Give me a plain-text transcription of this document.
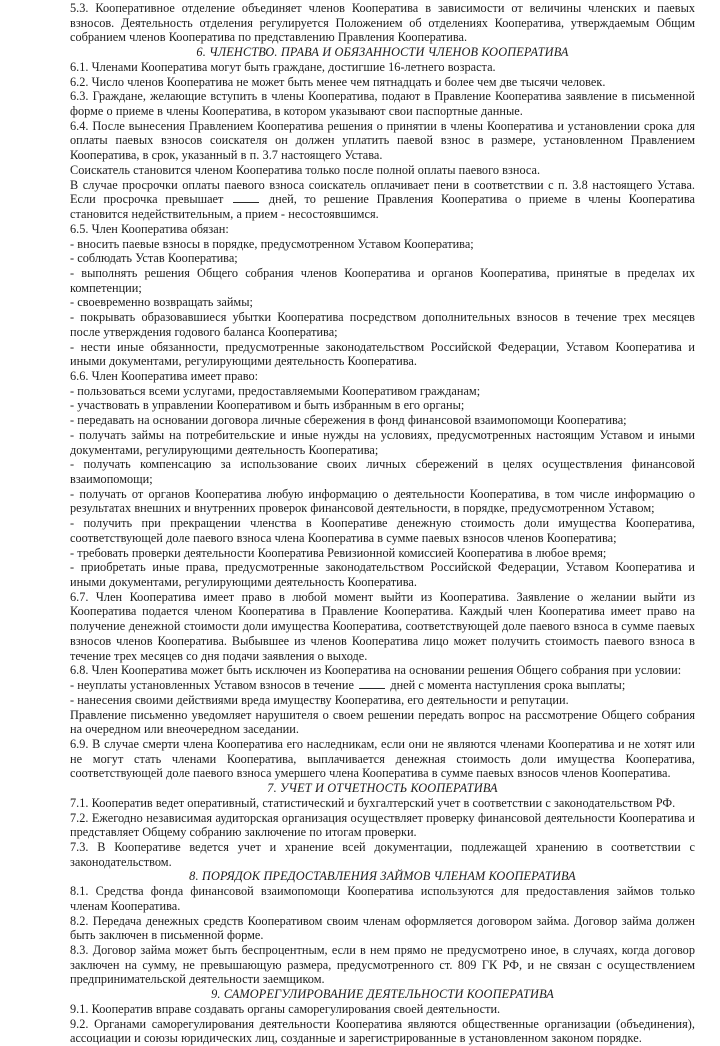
5.3. Кооперативное отделение объединяет членов Кооператива в зависимости от величины членских и паевых взносов. Деятельность отделения регулируется Положением об отделениях Кооператива, утверждаемым Общим собранием членов Кооператива по представлению Правления Кооператива.

6. ЧЛЕНСТВО. ПРАВА И ОБЯЗАННОСТИ ЧЛЕНОВ КООПЕРАТИВА

6.1. Членами Кооператива могут быть граждане, достигшие 16-летнего возраста.

6.2. Число членов Кооператива не может быть менее чем пятнадцать и более чем две тысячи человек.

6.3. Граждане, желающие вступить в члены Кооператива, подают в Правление Кооператива заявление в письменной форме о приеме в члены Кооператива, в котором указывают свои паспортные данные.

6.4. После вынесения Правлением Кооператива решения о принятии в члены Кооператива и установлении срока для оплаты паевых взносов соискателя он должен уплатить паевой взнос в размере, установленном Правлением Кооператива, в срок, указанный в п. 3.7 настоящего Устава.

Соискатель становится членом Кооператива только после полной оплаты паевого взноса.

В случае просрочки оплаты паевого взноса соискатель оплачивает пени в соответствии с п. 3.8 настоящего Устава. Если просрочка превышает	дней, то решение Правления Кооператива о приеме в члены Кооператива становится недействительным, а прием - несостоявшимся.

6.5. Член Кооператива обязан:

- вносить паевые взносы в порядке, предусмотренном Уставом Кооператива;

- соблюдать Устав Кооператива;

- выполнять решения Общего собрания членов Кооператива и органов Кооператива, принятые в пределах их компетенции;

- своевременно возвращать займы;

- покрывать образовавшиеся убытки Кооператива посредством дополнительных взносов в течение трех месяцев после утверждения годового баланса Кооператива;

- нести иные обязанности, предусмотренные законодательством Российской Федерации, Уставом Кооператива и иными документами, регулирующими деятельность Кооператива.

6.6. Член Кооператива имеет право:

- пользоваться всеми услугами, предоставляемыми Кооперативом гражданам;

- участвовать в управлении Кооперативом и быть избранным в его органы;

- передавать на основании договора личные сбережения в фонд финансовой взаимопомощи Кооператива;

- получать займы на потребительские и иные нужды на условиях, предусмотренных настоящим Уставом и иными документами, регулирующими деятельность Кооператива;

- получать компенсацию за использование своих личных сбережений в целях осуществления финансовой взаимопомощи;

- получать от органов Кооператива любую информацию о деятельности Кооператива, в том числе информацию о результатах внешних и внутренних проверок финансовой деятельности, в порядке, предусмотренном Уставом;

- получить при прекращении членства в Кооперативе денежную стоимость доли имущества Кооператива, соответствующей доле паевого взноса члена Кооператива в сумме паевых взносов членов Кооператива;

- требовать проверки деятельности Кооператива Ревизионной комиссией Кооператива в любое время;

- приобретать иные права, предусмотренные законодательством Российской Федерации, Уставом Кооператива и иными документами, регулирующими деятельность Кооператива.

6.7. Член Кооператива имеет право в любой момент выйти из Кооператива. Заявление о желании выйти из Кооператива подается членом Кооператива в Правление Кооператива. Каждый член Кооператива имеет право на получение денежной стоимости доли имущества Кооператива, соответствующей доле паевого взноса в сумме паевых взносов членов Кооператива. Выбывшее из членов Кооператива лицо может получить стоимость паевого взноса в течение трех месяцев со дня подачи заявления о выходе.

6.8. Член Кооператива может быть исключен из Кооператива на основании решения Общего собрания при условии:

- неуплаты установленных Уставом взносов в течение	дней с момента наступления срока выплаты;

- нанесения своими действиями вреда имуществу Кооператива, его деятельности и репутации.

Правление письменно уведомляет нарушителя о своем решении передать вопрос на рассмотрение Общего собрания на очередном или внеочередном заседании.

6.9. В случае смерти члена Кооператива его наследникам, если они не являются членами Кооператива и не хотят или не могут стать членами Кооператива, выплачивается денежная стоимость доли имущества Кооператива, соответствующей доле паевого взноса умершего члена Кооператива в сумме паевых взносов членов Кооператива.

7. УЧЕТ И ОТЧЕТНОСТЬ КООПЕРАТИВА

7.1. Кооператив ведет оперативный, статистический и бухгалтерский учет в соответствии с законодательством РФ.

7.2. Ежегодно независимая аудиторская организация осуществляет проверку финансовой деятельности Кооператива и представляет Общему собранию заключение по итогам проверки.

7.3. В Кооперативе ведется учет и хранение всей документации, подлежащей хранению в соответствии с законодательством.

8. ПОРЯДОК ПРЕДОСТАВЛЕНИЯ ЗАЙМОВ ЧЛЕНАМ КООПЕРАТИВА

8.1. Средства фонда финансовой взаимопомощи Кооператива используются для предоставления займов только членам Кооператива.

8.2. Передача денежных средств Кооперативом своим членам оформляется договором займа. Договор займа должен быть заключен в письменной форме.

8.3. Договор займа может быть беспроцентным, если в нем прямо не предусмотрено иное, в случаях, когда договор заключен на сумму, не превышающую размера, предусмотренного ст. 809 ГК РФ, и не связан с осуществлением предпринимательской деятельности заемщиком.

9. САМОРЕГУЛИРОВАНИЕ ДЕЯТЕЛЬНОСТИ КООПЕРАТИВА

9.1. Кооператив вправе создавать органы саморегулирования своей деятельности.

9.2. Органами саморегулирования деятельности Кооператива являются общественные организации (объединения), ассоциации и союзы юридических лиц, созданные и зарегистрированные в установленном законом порядке.
